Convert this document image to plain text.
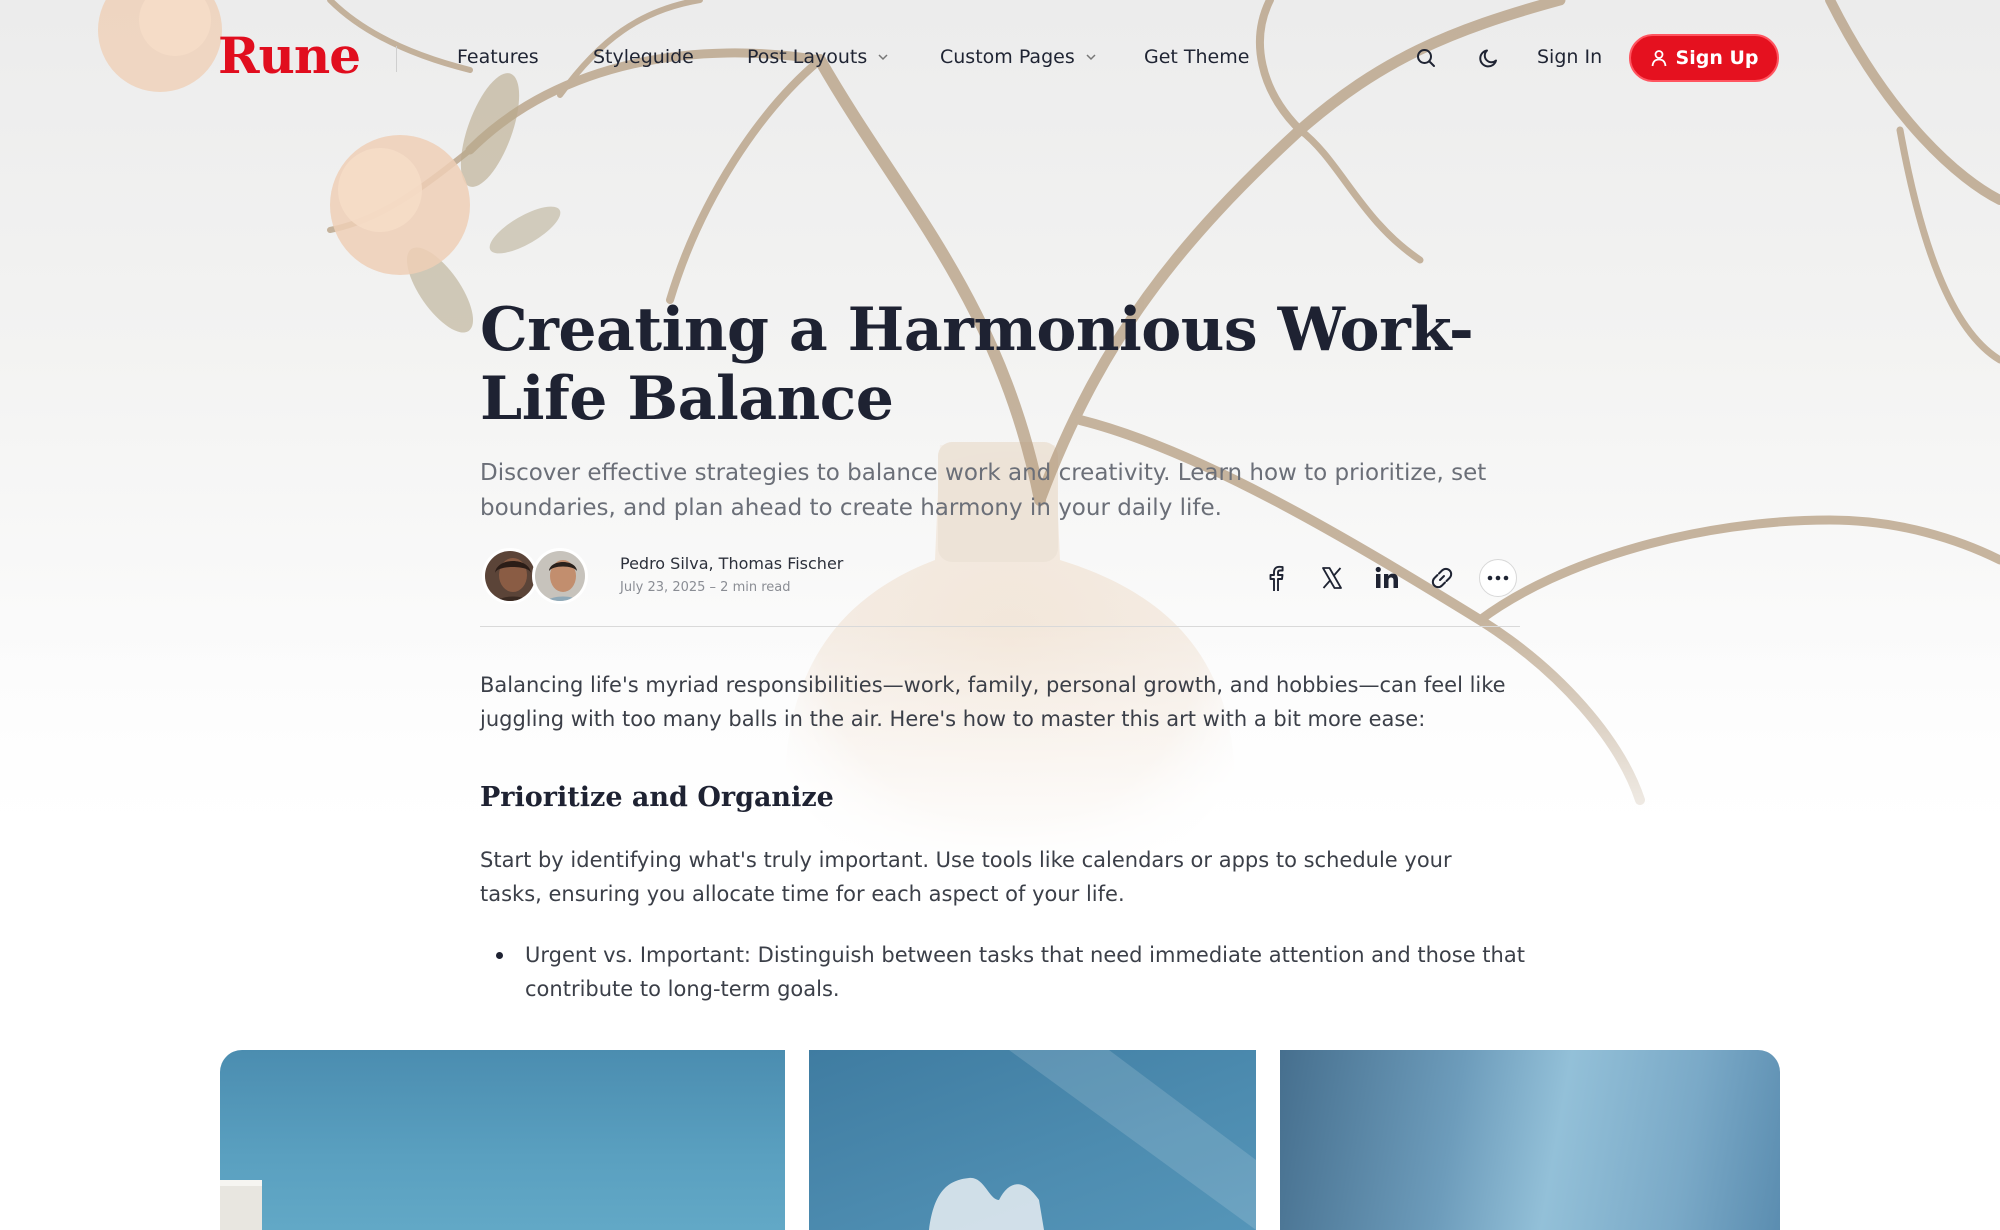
Rune	Features	Styleguide	Post Layouts	Custom Pages	Get Theme	Sign In	Sign Up
Creating a Harmonious Work-Life Balance

Discover effective strategies to balance work and creativity. Learn how to prioritize, set boundaries, and plan ahead to create harmony in your daily life.

Pedro Silva, Thomas Fischer
July 23, 2025 – 2 min read

Balancing life's myriad responsibilities—work, family, personal growth, and hobbies—can feel like juggling with too many balls in the air. Here's how to master this art with a bit more ease:

Prioritize and Organize

Start by identifying what's truly important. Use tools like calendars or apps to schedule your tasks, ensuring you allocate time for each aspect of your life.

Urgent vs. Important: Distinguish between tasks that need immediate attention and those that contribute to long-term goals.
